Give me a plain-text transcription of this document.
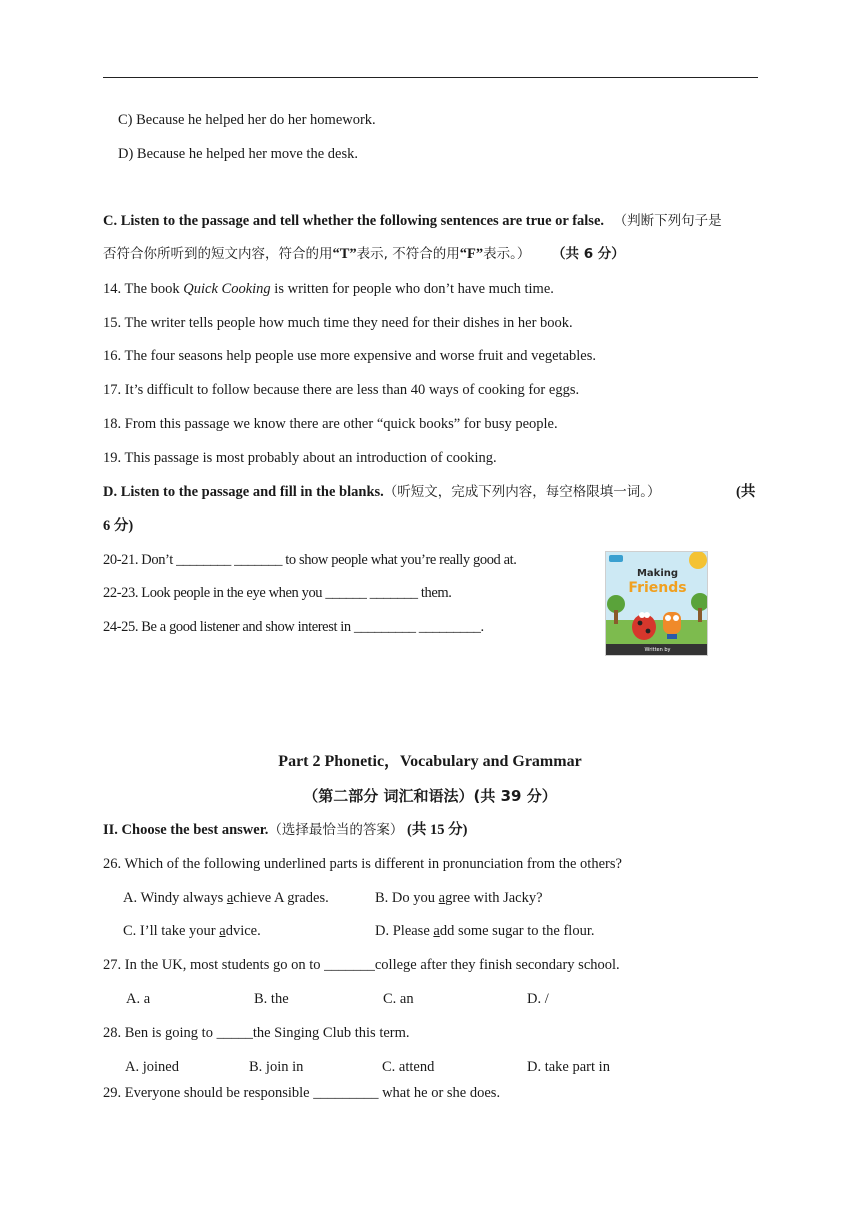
C) Because he helped her do her homework.
D) Because he helped her move the desk.
C. Listen to the passage and tell whether the following sentences are true or false. （判断下列句子是
否符合你所听到的短文内容，符合的用“T”表示, 不符合的用“F”表示。） （共 6 分）
14. The book Quick Cooking is written for people who don’t have much time.
15. The writer tells people how much time they need for their dishes in her book.
16. The four seasons help people use more expensive and worse fruit and vegetables.
17. It’s difficult to follow because there are less than 40 ways of cooking for eggs.
18. From this passage we know there are other “quick books” for busy people.
19. This passage is most probably about an introduction of cooking.
D. Listen to the passage and fill in the blanks.（听短文，完成下列内容，每空格限填一词。）	(共
6 分)
20-21. Don’t ________ _______ to show people what you’re really good at.
22-23. Look people in the eye when you ______ _______ them.
24-25. Be a good listener and show interest in _________ _________.
Making
Friends
Written by
Part 2 Phonetic，Vocabulary and Grammar
（第二部分 词汇和语法）(共 39 分）
II. Choose the best answer.（选择最恰当的答案） (共 15 分)
26. Which of the following underlined parts is different in pronunciation from the others?
A. Windy always achieve A grades.	B. Do you agree with Jacky?
C. I’ll take your advice.	D. Please add some sugar to the flour.
27. In the UK, most students go on to _______college after they finish secondary school.
A. a	B. the	C. an	D. /
28. Ben is going to _____the Singing Club this term.
A. joined	B. join in	C. attend	D. take part in
29. Everyone should be responsible _________ what he or she does.
